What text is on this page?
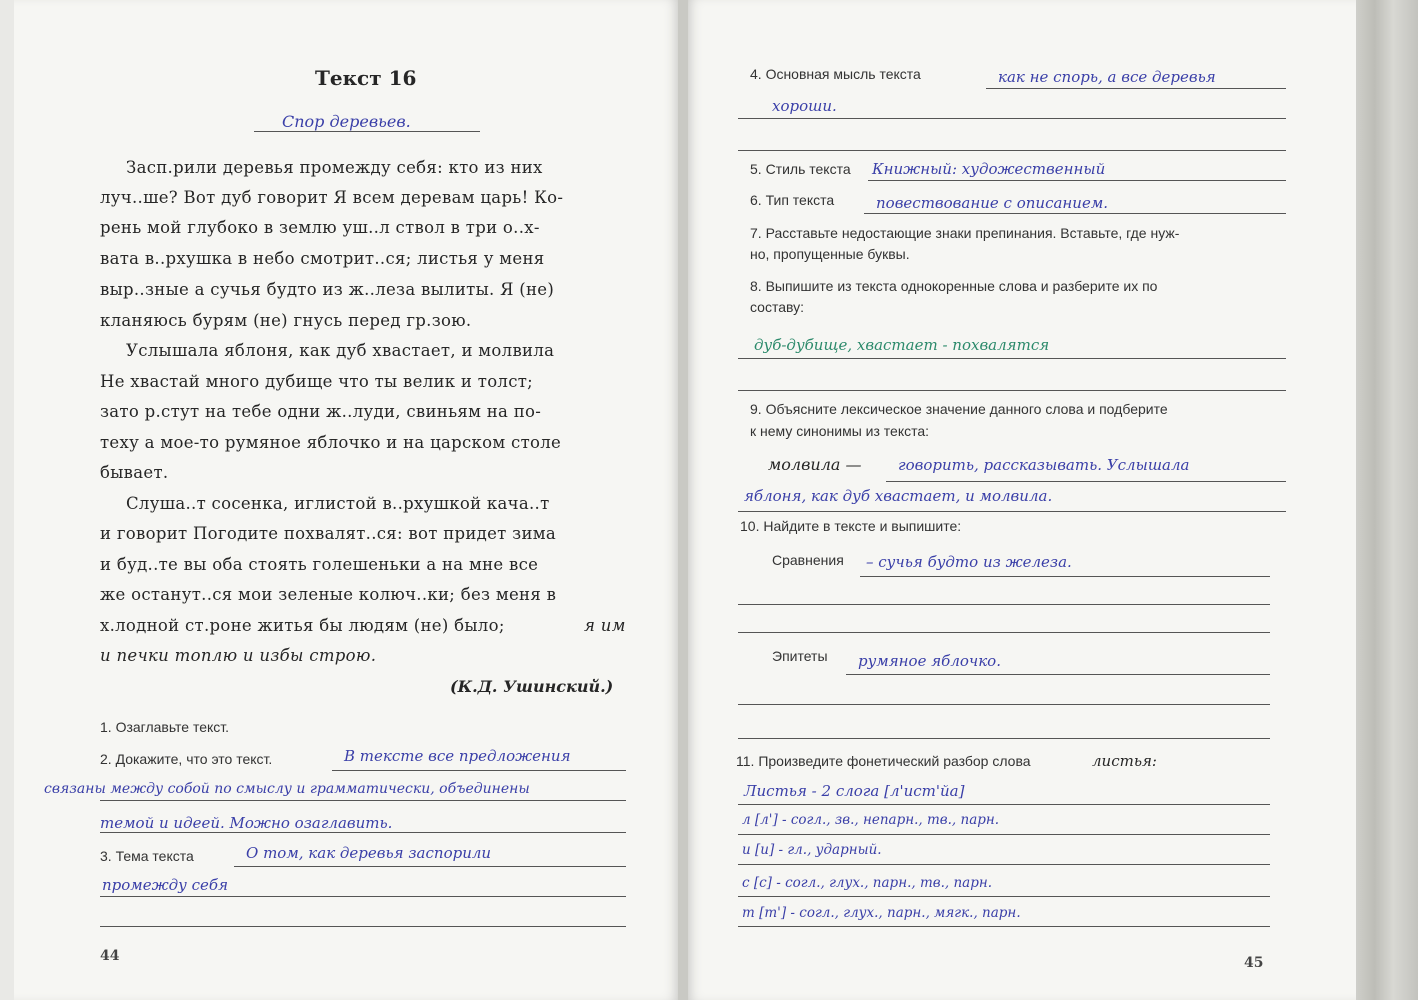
Текст 16
Спор деревьев.
Засп.рили деревья промежду себя: кто из них
луч..ше? Вот дуб говорит Я всем деревам царь! Ко-
рень мой глубоко в землю уш..л ствол в три о..х-
вата в..рхушка в небо смотрит..ся; листья у меня
выр..зные а сучья будто из ж..леза вылиты. Я (не)
кланяюсь бурям (не) гнусь перед гр.зою.
Услышала яблоня, как дуб хвастает, и молвила
Не хвастай много дубище что ты велик и толст;
зато р.стут на тебе одни ж..луди, свиньям на по-
теху а мое-то румяное яблочко и на царском столе
бывает.
Слуша..т сосенка, иглистой в..рхушкой кача..т
и говорит Погодите похвалят..ся: вот придет зима
и буд..те вы оба стоять голешеньки а на мне все
же останут..ся мои зеленые колюч..ки; без меня в
х.лодной ст.роне житья бы людям (не) было;	я им
и печки топлю и избы строю.
(К.Д. Ушинский.)
1. Озаглавьте текст.
2. Докажите, что это текст.	В тексте все предложения
связаны между собой по смыслу и грамматически, объединены
темой и идеей. Можно озаглавить.
3. Тема текста	О том, как деревья заспорили
промежду себя
44
4. Основная мысль текста	как не спорь, а все деревья
хороши.
5. Стиль текста Книжный: художественный
6. Тип текста	повествование с описанием.
7. Расставьте недостающие знаки препинания. Вставьте, где нуж-
но, пропущенные буквы.
8. Выпишите из текста однокоренные слова и разберите их по
составу:
дуб-дубище, хвастает - похвалятся
9. Объясните лексическое значение данного слова и подберите
к нему синонимы из текста:
молвила — говорить, рассказывать. Услышала
яблоня, как дуб хвастает, и молвила.
10. Найдите в тексте и выпишите:
Сравнения – сучья будто из железа.
Эпитеты румяное яблочко.
11. Произведите фонетический разбор слова	листья:
Листья - 2 слога [л'ист'йа]
л [л'] - согл., зв., непарн., тв., парн.
и [и] - гл., ударный.
с [с] - согл., глух., парн., тв., парн.
т [т'] - согл., глух., парн., мягк., парн.
45
